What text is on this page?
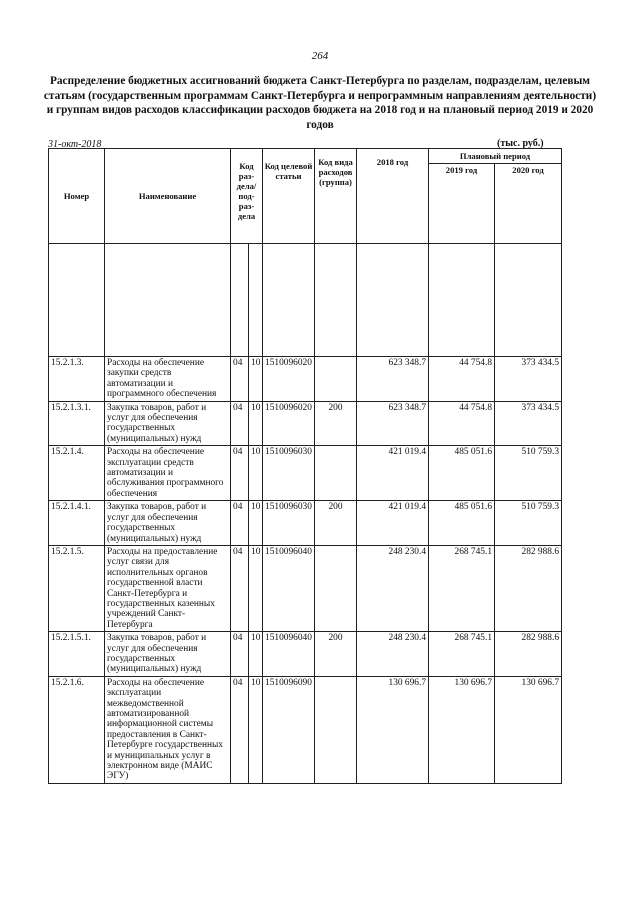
264
Распределение бюджетных ассигнований бюджета Санкт-Петербурга по разделам, подразделам, целевым статьям (государственным программам Санкт-Петербурга и непрограммным направлениям деятельности) и группам видов расходов классификации расходов бюджета на 2018 год и на плановый период 2019 и 2020 годов
31-окт-2018	(тыс. руб.)
Номер	Наименование	Код раз-дела/ под-раз-дела		Код целевой статьи	Код вида расходов (группа)	2018 год	Плановый период	
							2019 год	2020 год

15.2.1.3.	Расходы на обеспечение закупки средств автоматизации и программного обеспечения	04	10	1510096020		623 348.7	44 754.8	373 434.5
15.2.1.3.1.	Закупка товаров, работ и услуг для обеспечения государственных (муниципальных) нужд	04	10	1510096020	200	623 348.7	44 754.8	373 434.5
15.2.1.4.	Расходы на обеспечение эксплуатации средств автоматизации и обслуживания программного обеспечения	04	10	1510096030		421 019.4	485 051.6	510 759.3
15.2.1.4.1.	Закупка товаров, работ и услуг для обеспечения государственных (муниципальных) нужд	04	10	1510096030	200	421 019.4	485 051.6	510 759.3
15.2.1.5.	Расходы на предоставление услуг связи для исполнительных органов государственной власти Санкт-Петербурга и государственных казенных учреждений Санкт-Петербурга	04	10	1510096040		248 230.4	268 745.1	282 988.6
15.2.1.5.1.	Закупка товаров, работ и услуг для обеспечения государственных (муниципальных) нужд	04	10	1510096040	200	248 230.4	268 745.1	282 988.6
15.2.1.6.	Расходы на обеспечение эксплуатации межведомственной автоматизированной информационной системы предоставления в Санкт-Петербурге государственных и муниципальных услуг в электронном виде (МАИС ЭГУ)	04	10	1510096090		130 696.7	130 696.7	130 696.7
